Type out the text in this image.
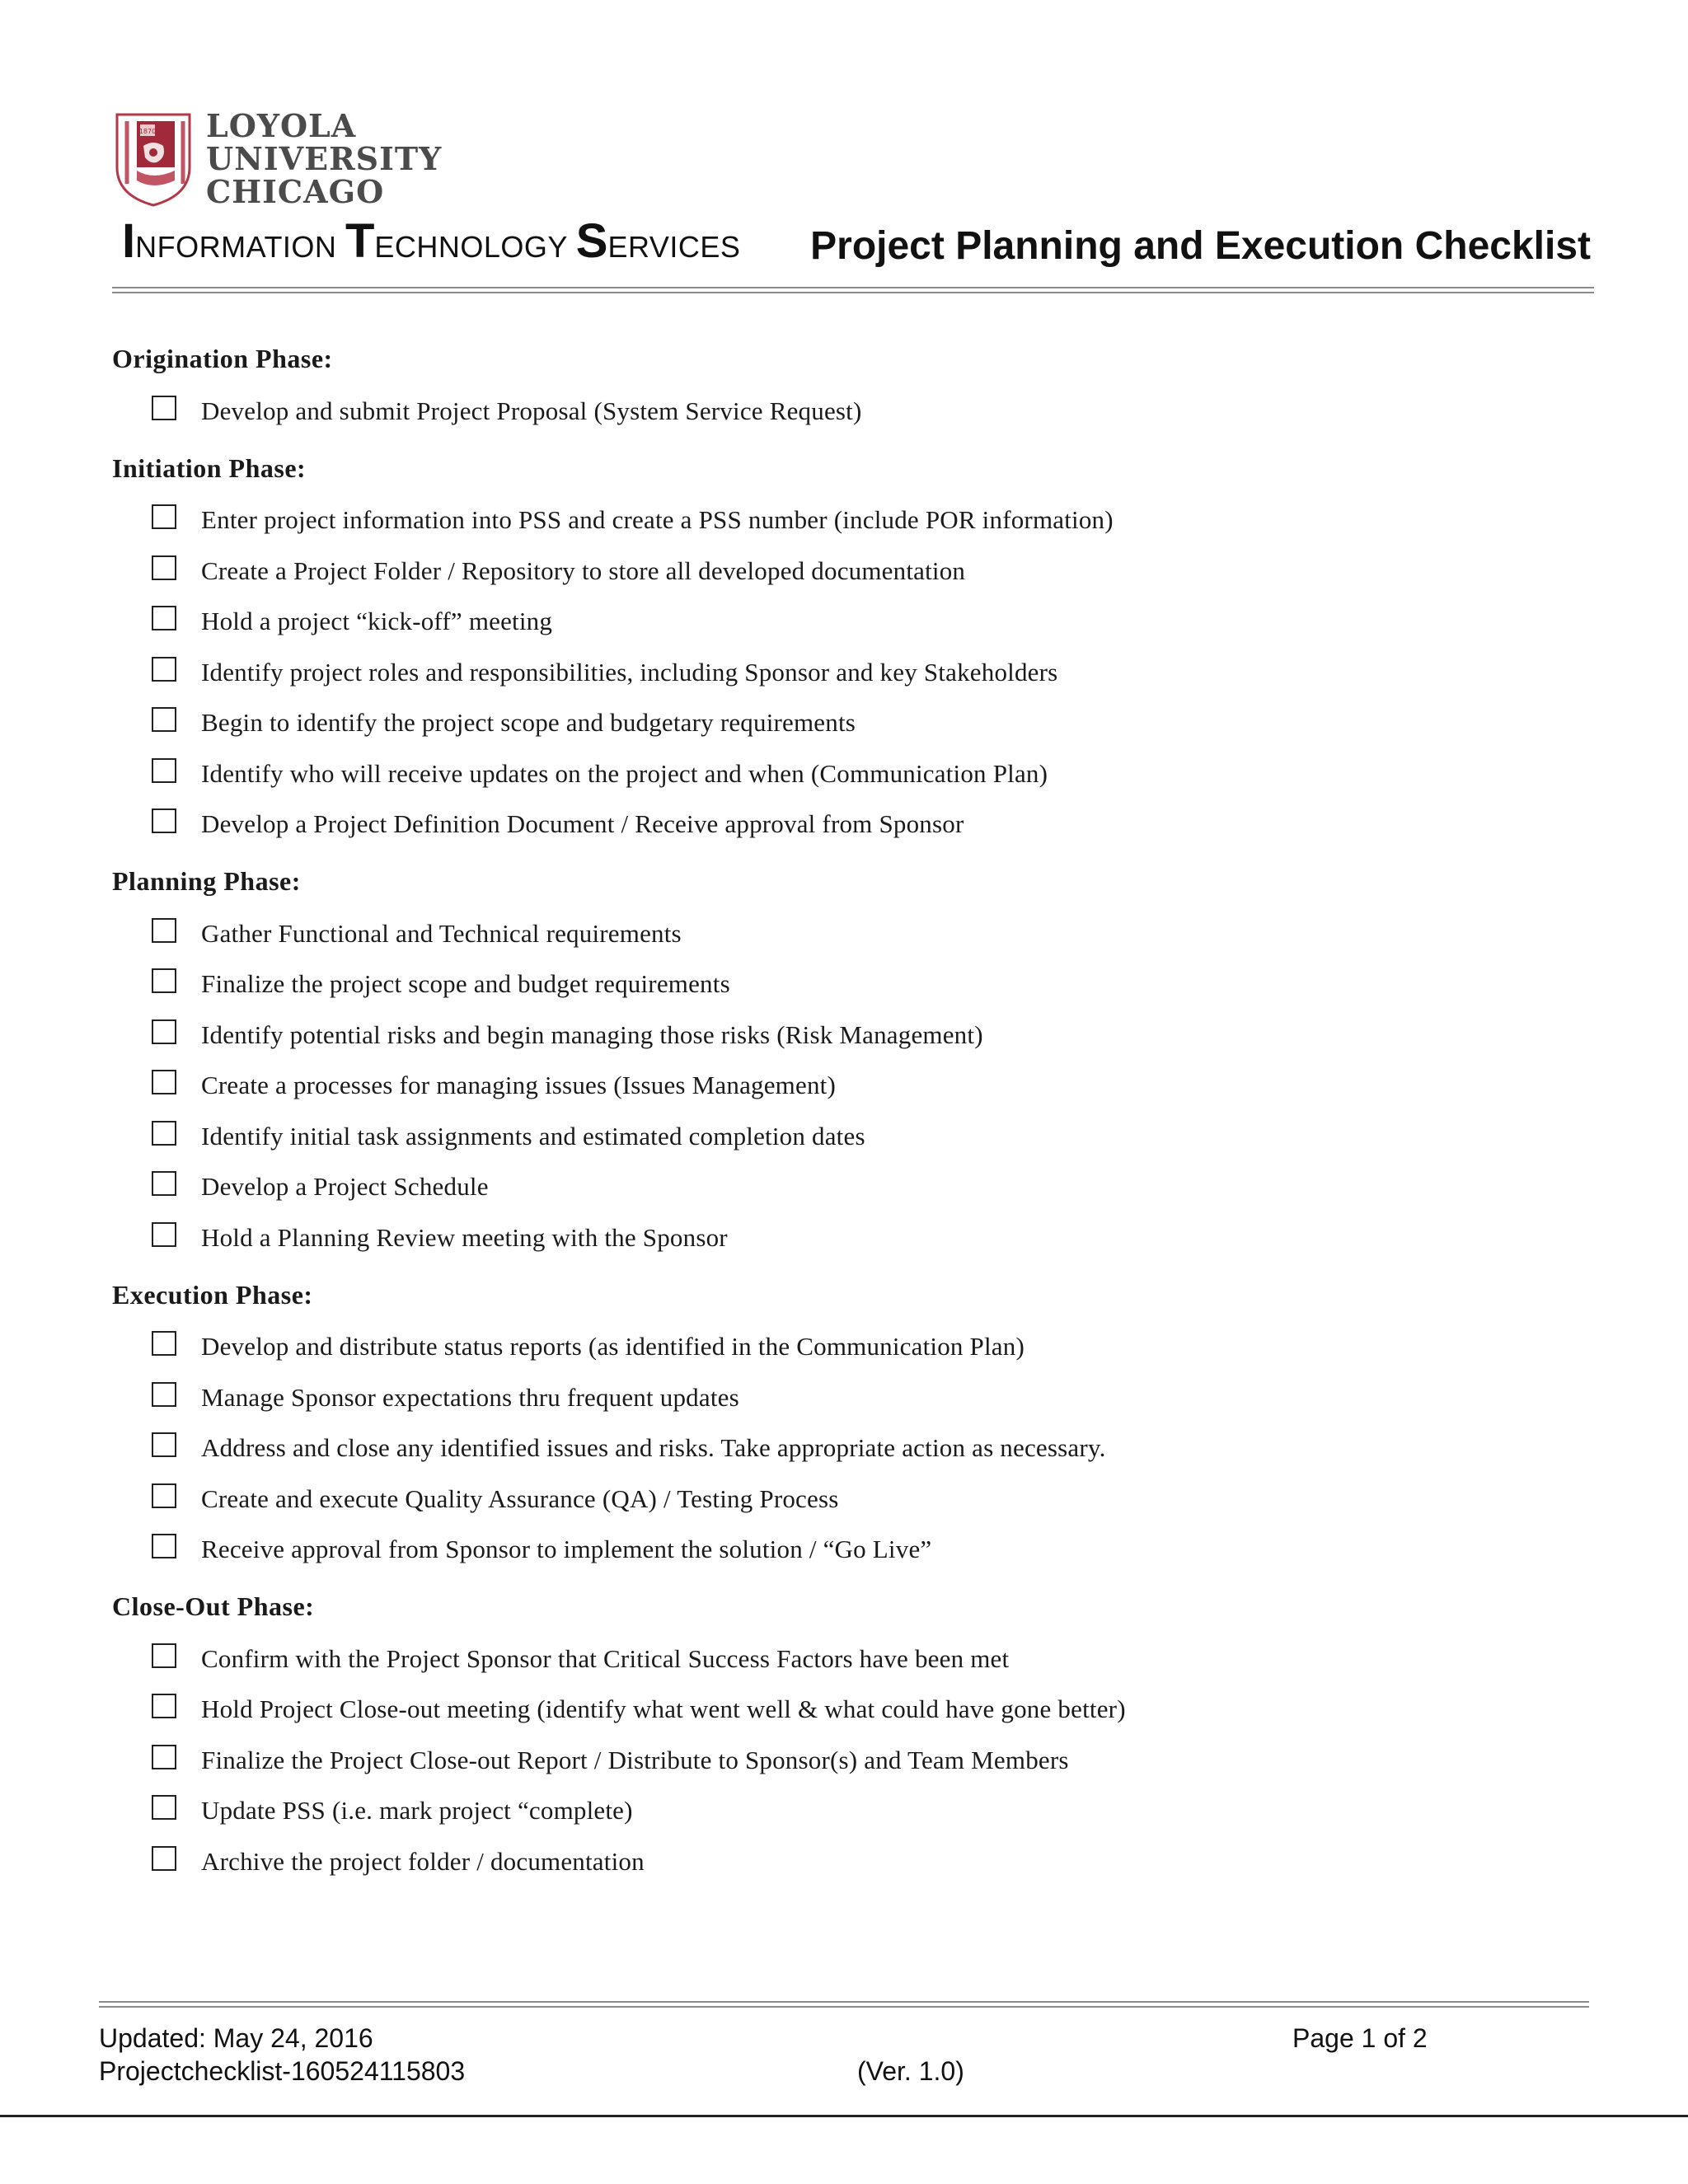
1870 LOYOLA
UNIVERSITY
CHICAGO
INFORMATION TECHNOLOGY SERVICES Project Planning and Execution Checklist
Origination Phase:
Develop and submit Project Proposal (System Service Request)
Initiation Phase:
Enter project information into PSS and create a PSS number (include POR information)
Create a Project Folder / Repository to store all developed documentation
Hold a project “kick-off” meeting
Identify project roles and responsibilities, including Sponsor and key Stakeholders
Begin to identify the project scope and budgetary requirements
Identify who will receive updates on the project and when (Communication Plan)
Develop a Project Definition Document / Receive approval from Sponsor
Planning Phase:
Gather Functional and Technical requirements
Finalize the project scope and budget requirements
Identify potential risks and begin managing those risks (Risk Management)
Create a processes for managing issues (Issues Management)
Identify initial task assignments and estimated completion dates
Develop a Project Schedule
Hold a Planning Review meeting with the Sponsor
Execution Phase:
Develop and distribute status reports (as identified in the Communication Plan)
Manage Sponsor expectations thru frequent updates
Address and close any identified issues and risks. Take appropriate action as necessary.
Create and execute Quality Assurance (QA) / Testing Process
Receive approval from Sponsor to implement the solution / “Go Live”
Close-Out Phase:
Confirm with the Project Sponsor that Critical Success Factors have been met
Hold Project Close-out meeting (identify what went well & what could have gone better)
Finalize the Project Close-out Report / Distribute to Sponsor(s) and Team Members
Update PSS (i.e. mark project “complete)
Archive the project folder / documentation
Updated: May 24, 2016	Page 1 of 2
Projectchecklist-160524115803	(Ver. 1.0)
